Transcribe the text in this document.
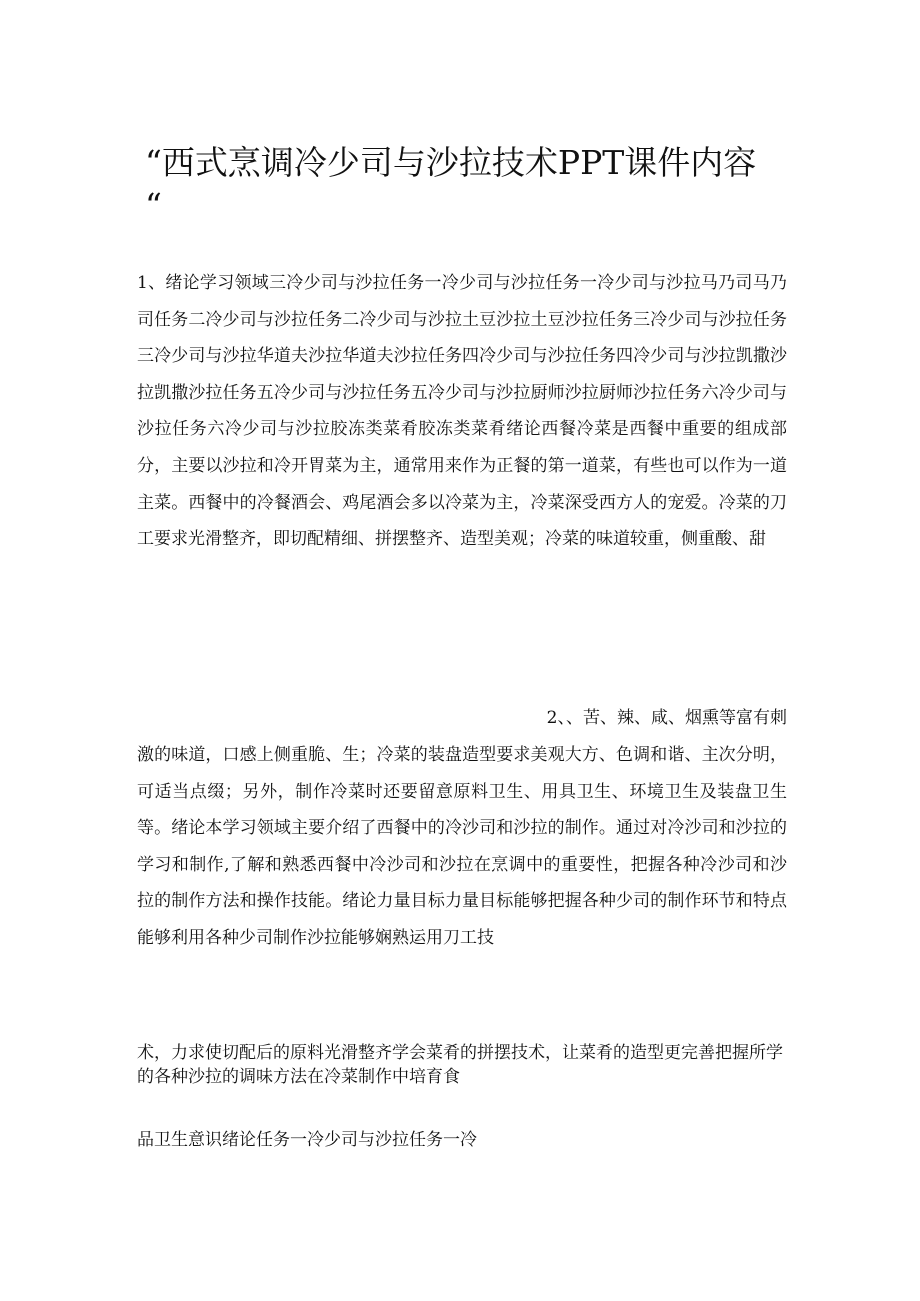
“西式烹调冷少司与沙拉技术PPT课件内容
“

1、绪论学习领域三冷少司与沙拉任务一冷少司与沙拉任务一冷少司与沙拉马乃司马乃司任务二冷少司与沙拉任务二冷少司与沙拉土豆沙拉土豆沙拉任务三冷少司与沙拉任务三冷少司与沙拉华道夫沙拉华道夫沙拉任务四冷少司与沙拉任务四冷少司与沙拉凯撒沙拉凯撒沙拉任务五冷少司与沙拉任务五冷少司与沙拉厨师沙拉厨师沙拉任务六冷少司与沙拉任务六冷少司与沙拉胶冻类菜肴胶冻类菜肴绪论西餐冷菜是西餐中重要的组成部分，主要以沙拉和冷开胃菜为主，通常用来作为正餐的第一道菜，有些也可以作为一道主菜。西餐中的冷餐酒会、鸡尾酒会多以冷菜为主，冷菜深受西方人的宠爱。冷菜的刀工要求光滑整齐，即切配精细、拼摆整齐、造型美观；冷菜的味道较重，侧重酸、甜

2、、苦、辣、咸、烟熏等富有刺

激的味道，口感上侧重脆、生；冷菜的装盘造型要求美观大方、色调和谐、主次分明，可适当点缀；另外，制作冷菜时还要留意原料卫生、用具卫生、环境卫生及装盘卫生等。绪论本学习领域主要介绍了西餐中的冷沙司和沙拉的制作。通过对冷沙司和沙拉的学习和制作,了解和熟悉西餐中冷沙司和沙拉在烹调中的重要性，把握各种冷沙司和沙拉的制作方法和操作技能。绪论力量目标力量目标能够把握各种少司的制作环节和特点能够利用各种少司制作沙拉能够娴熟运用刀工技

术，力求使切配后的原料光滑整齐学会菜肴的拼摆技术，让菜肴的造型更完善把握所学的各种沙拉的调味方法在冷菜制作中培育食

品卫生意识绪论任务一冷少司与沙拉任务一冷
